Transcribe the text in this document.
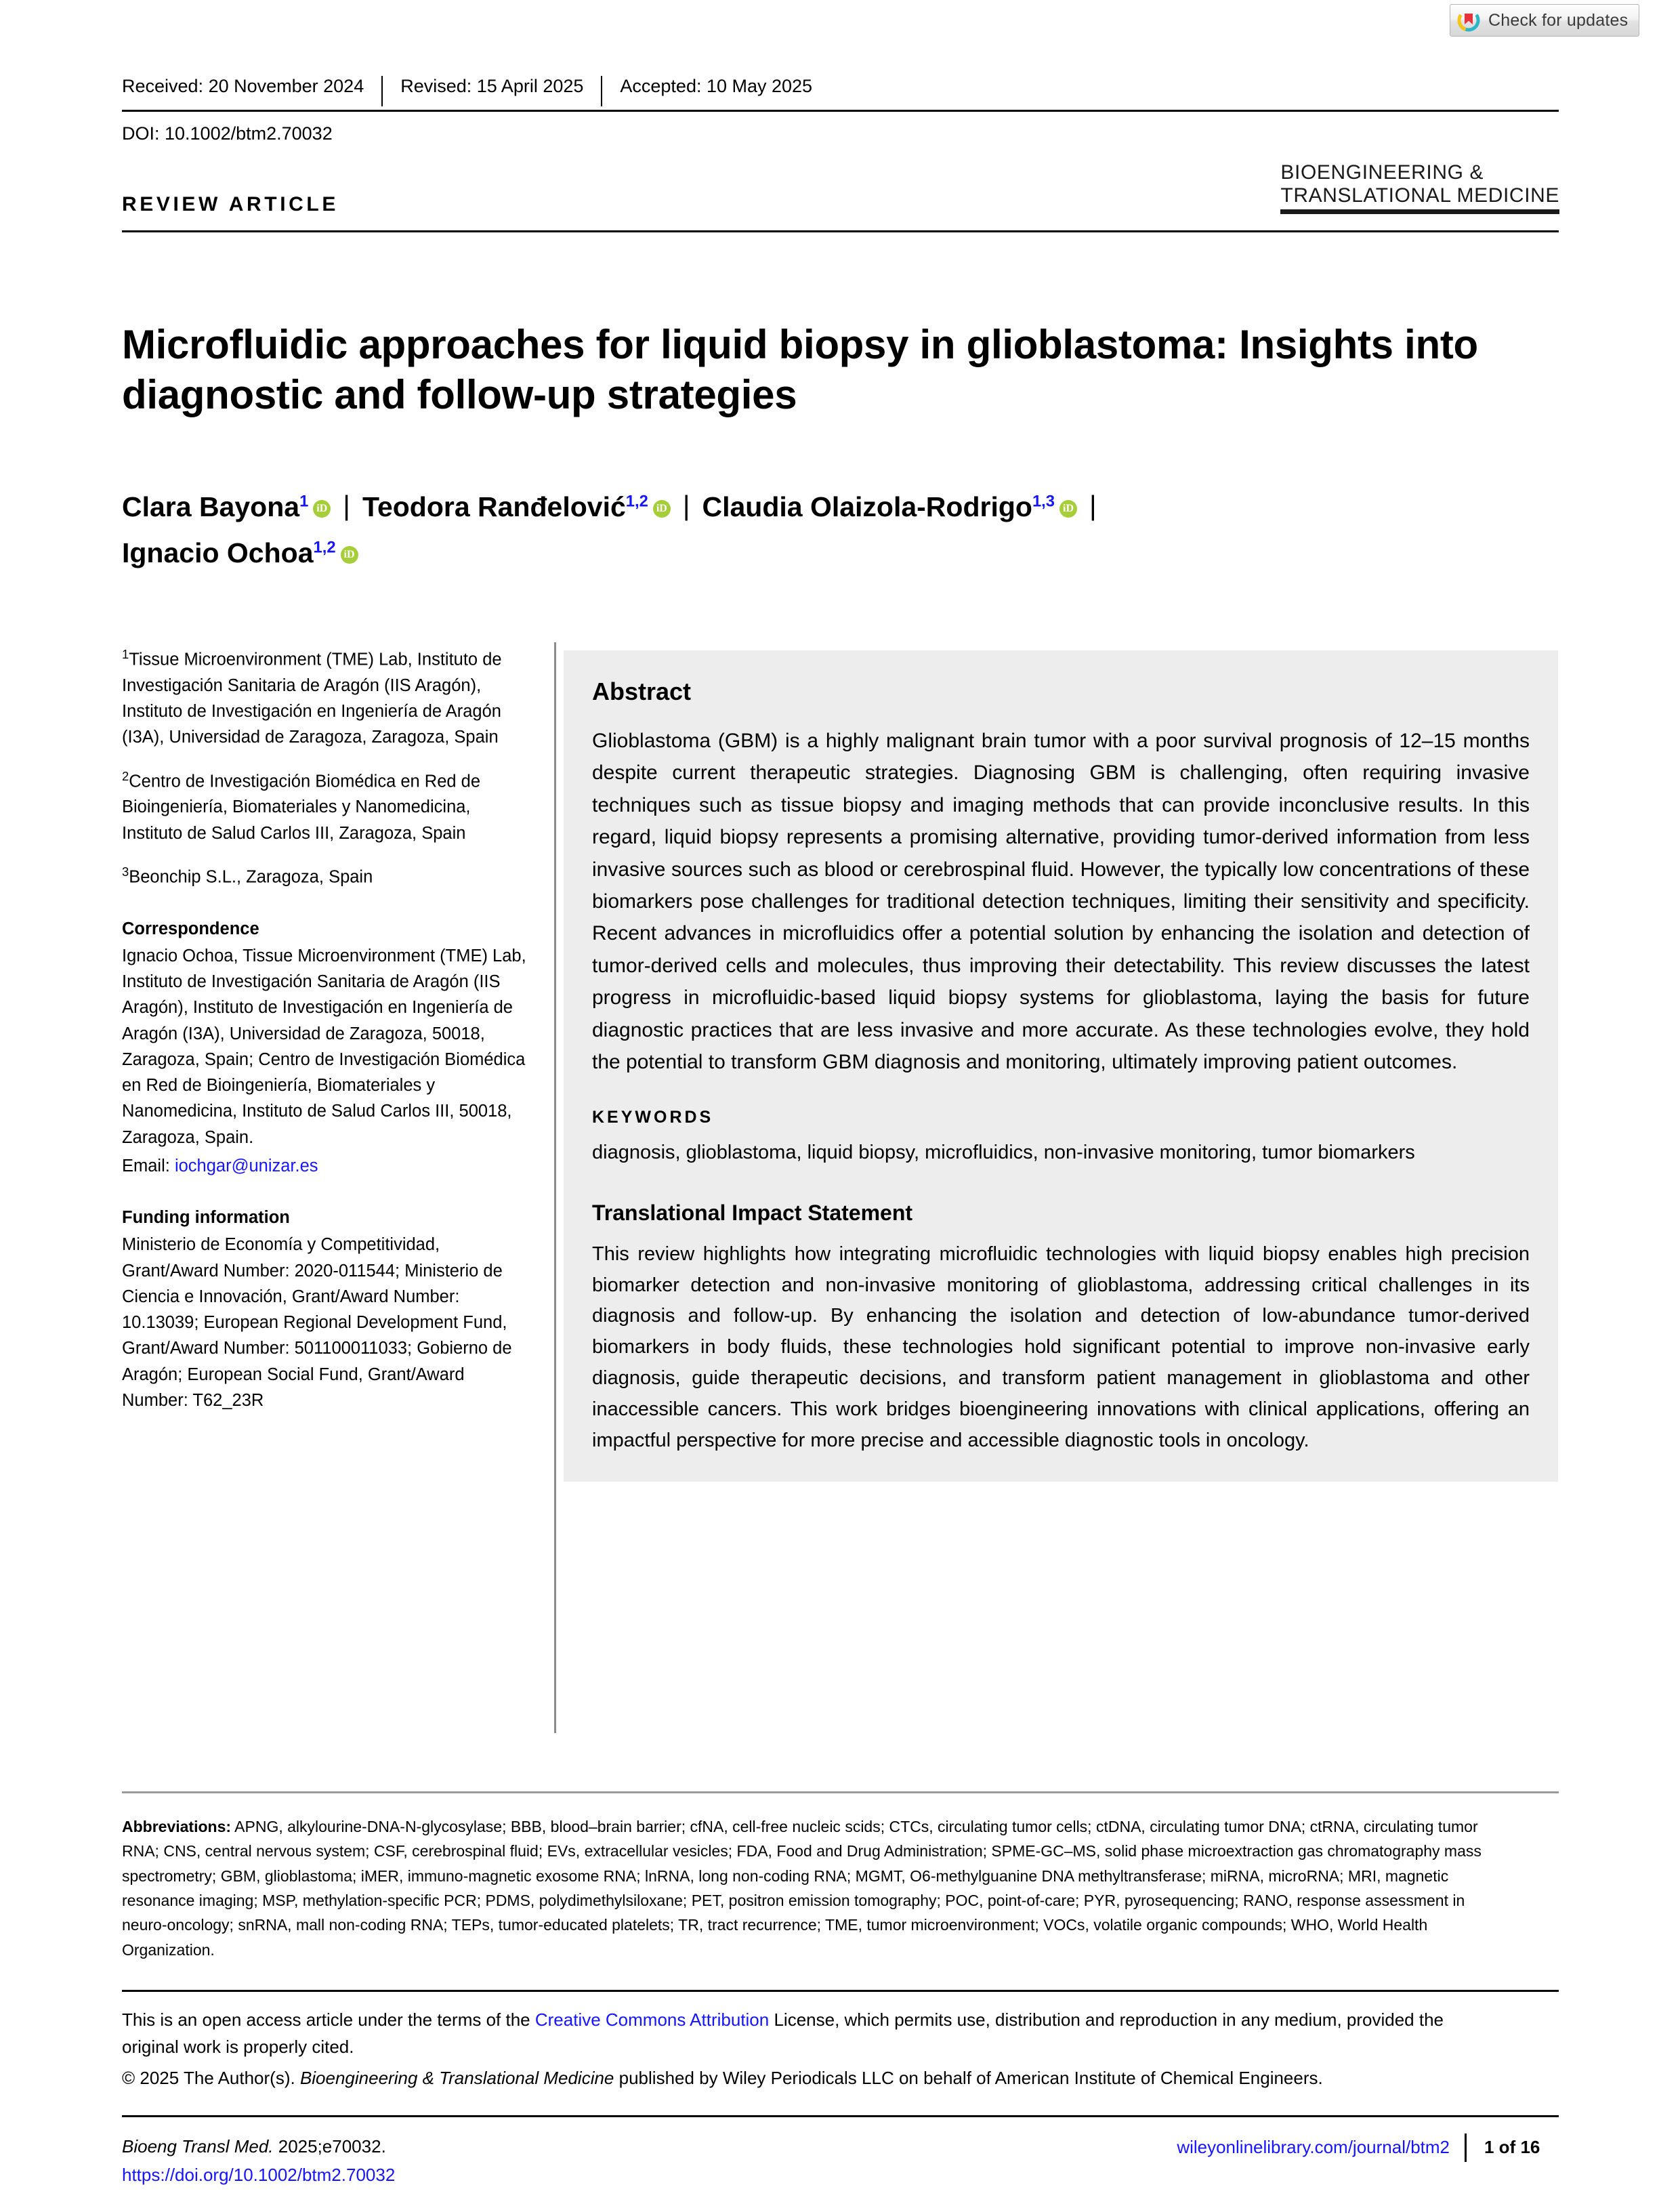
Check for updates
Received: 20 November 2024	Revised: 15 April 2025	Accepted: 10 May 2025
DOI: 10.1002/btm2.70032
REVIEW ARTICLE
BIOENGINEERING &
TRANSLATIONAL MEDICINE
Microfluidic approaches for liquid biopsy in glioblastoma: Insights into diagnostic and follow-up strategies
Clara Bayona$^1$ iD | Teodora Ranđelović$^{1,2}$ iD | Claudia Olaizola-Rodrigo$^{1,3}$ iD |
Ignacio Ochoa$^{1,2}$ iD

$^1$Tissue Microenvironment (TME) Lab, Instituto de Investigación Sanitaria de Aragón (IIS Aragón), Instituto de Investigación en Ingeniería de Aragón (I3A), Universidad de Zaragoza, Zaragoza, Spain

$^2$Centro de Investigación Biomédica en Red de Bioingeniería, Biomateriales y Nanomedicina, Instituto de Salud Carlos III, Zaragoza, Spain

$^3$Beonchip S.L., Zaragoza, Spain

Correspondence

Ignacio Ochoa, Tissue Microenvironment (TME) Lab, Instituto de Investigación Sanitaria de Aragón (IIS Aragón), Instituto de Investigación en Ingeniería de Aragón (I3A), Universidad de Zaragoza, 50018, Zaragoza, Spain; Centro de Investigación Biomédica en Red de Bioingeniería, Biomateriales y Nanomedicina, Instituto de Salud Carlos III, 50018, Zaragoza, Spain.

Email: iochgar@unizar.es

Funding information

Ministerio de Economía y Competitividad, Grant/Award Number: 2020-011544; Ministerio de Ciencia e Innovación, Grant/Award Number: 10.13039; European Regional Development Fund, Grant/Award Number: 501100011033; Gobierno de Aragón; European Social Fund, Grant/Award Number: T62_23R

Abstract

Glioblastoma (GBM) is a highly malignant brain tumor with a poor survival prognosis of 12–15 months despite current therapeutic strategies. Diagnosing GBM is challenging, often requiring invasive techniques such as tissue biopsy and imaging methods that can provide inconclusive results. In this regard, liquid biopsy represents a promising alternative, providing tumor-derived information from less invasive sources such as blood or cerebrospinal fluid. However, the typically low concentrations of these biomarkers pose challenges for traditional detection techniques, limiting their sensitivity and specificity. Recent advances in microfluidics offer a potential solution by enhancing the isolation and detection of tumor-derived cells and molecules, thus improving their detectability. This review discusses the latest progress in microfluidic-based liquid biopsy systems for glioblastoma, laying the basis for future diagnostic practices that are less invasive and more accurate. As these technologies evolve, they hold the potential to transform GBM diagnosis and monitoring, ultimately improving patient outcomes.

KEYWORDS
diagnosis, glioblastoma, liquid biopsy, microfluidics, non-invasive monitoring, tumor biomarkers
Translational Impact Statement
This review highlights how integrating microfluidic technologies with liquid biopsy enables high precision biomarker detection and non-invasive monitoring of glioblastoma, addressing critical challenges in its diagnosis and follow-up. By enhancing the isolation and detection of low-abundance tumor-derived biomarkers in body fluids, these technologies hold significant potential to improve non-invasive early diagnosis, guide therapeutic decisions, and transform patient management in glioblastoma and other inaccessible cancers. This work bridges bioengineering innovations with clinical applications, offering an impactful perspective for more precise and accessible diagnostic tools in oncology.
Abbreviations: APNG, alkylourine-DNA-N-glycosylase; BBB, blood–brain barrier; cfNA, cell-free nucleic scids; CTCs, circulating tumor cells; ctDNA, circulating tumor DNA; ctRNA, circulating tumor RNA; CNS, central nervous system; CSF, cerebrospinal fluid; EVs, extracellular vesicles; FDA, Food and Drug Administration; SPME-GC–MS, solid phase microextraction gas chromatography mass spectrometry; GBM, glioblastoma; iMER, immuno-magnetic exosome RNA; lnRNA, long non-coding RNA; MGMT, O6-methylguanine DNA methyltransferase; miRNA, microRNA; MRI, magnetic resonance imaging; MSP, methylation-specific PCR; PDMS, polydimethylsiloxane; PET, positron emission tomography; POC, point-of-care; PYR, pyrosequencing; RANO, response assessment in neuro-oncology; snRNA, mall non-coding RNA; TEPs, tumor-educated platelets; TR, tract recurrence; TME, tumor microenvironment; VOCs, volatile organic compounds; WHO, World Health Organization.
This is an open access article under the terms of the Creative Commons Attribution License, which permits use, distribution and reproduction in any medium, provided the original work is properly cited.
© 2025 The Author(s). Bioengineering & Translational Medicine published by Wiley Periodicals LLC on behalf of American Institute of Chemical Engineers.
Bioeng Transl Med. 2025;e70032.
https://doi.org/10.1002/btm2.70032
wileyonlinelibrary.com/journal/btm2	1 of 16
